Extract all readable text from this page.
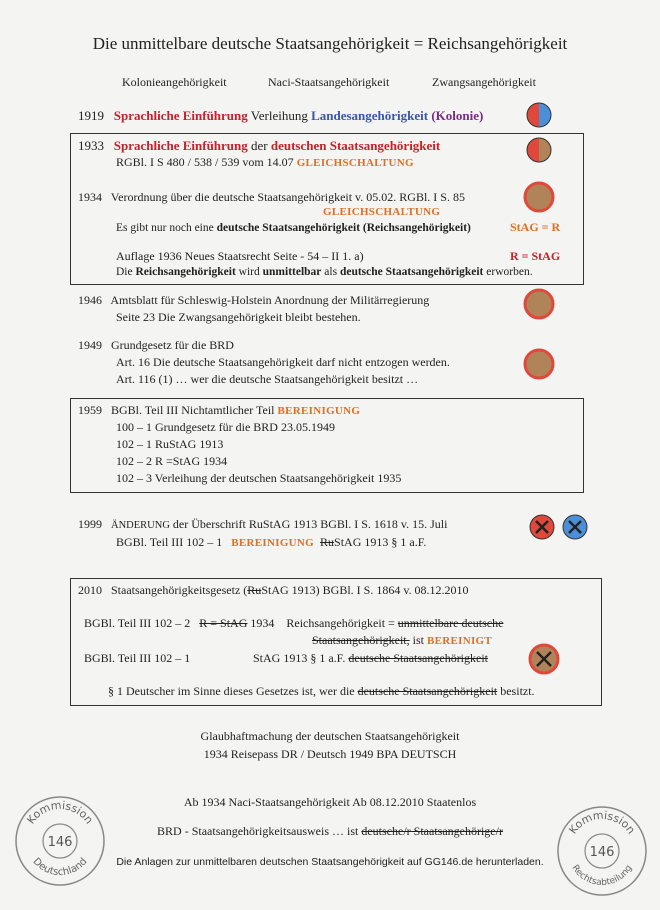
Die unmittelbare deutsche Staatsangehörigkeit = Reichsangehörigkeit
Kolonieangehörigkeit	Naci-Staatsangehörigkeit	Zwangsangehörigkeit
1919 Sprachliche Einführung Verleihung Landesangehörigkeit (Kolonie)
1933 Sprachliche Einführung der deutschen Staatsangehörigkeit
RGBl. I S 480 / 538 / 539 vom 14.07 GLEICHSCHALTUNG
1934 Verordnung über die deutsche Staatsangehörigkeit v. 05.02. RGBl. I S. 85
GLEICHSCHALTUNG
Es gibt nur noch eine deutsche Staatsangehörigkeit (Reichsangehörigkeit)	StAG = R
Auflage 1936 Neues Staatsrecht Seite - 54 – II 1. a)	R = StAG
Die Reichsangehörigkeit wird unmittelbar als deutsche Staatsangehörigkeit erworben.
1946 Amtsblatt für Schleswig-Holstein Anordnung der Militärregierung
Seite 23 Die Zwangsangehörigkeit bleibt bestehen.
1949 Grundgesetz für die BRD
Art. 16 Die deutsche Staatsangehörigkeit darf nicht entzogen werden.
Art. 116 (1) … wer die deutsche Staatsangehörigkeit besitzt …
1959 BGBl. Teil III Nichtamtlicher Teil BEREINIGUNG
100 – 1 Grundgesetz für die BRD 23.05.1949
102 – 1 RuStAG 1913
102 – 2 R =StAG 1934
102 – 3 Verleihung der deutschen Staatsangehörigkeit 1935
1999 ÄNDERUNG der Überschrift RuStAG 1913 BGBl. I S. 1618 v. 15. Juli
BGBl. Teil III 102 – 1 BEREINIGUNG RuStAG 1913 § 1 a.F.
2010 Staatsangehörigkeitsgesetz (RuStAG 1913) BGBl. I S. 1864 v. 08.12.2010
BGBl. Teil III 102 – 2 R = StAG 1934 Reichsangehörigkeit = unmittelbare deutsche
Staatsangehörigkeit, ist BEREINIGT
BGBl. Teil III 102 – 1	StAG 1913 § 1 a.F. deutsche Staatsangehörigkeit
§ 1 Deutscher im Sinne dieses Gesetzes ist, wer die deutsche Staatsangehörigkeit besitzt.
Glaubhaftmachung der deutschen Staatsangehörigkeit
1934 Reisepass DR / Deutsch 1949 BPA DEUTSCH
Ab 1934 Naci-Staatsangehörigkeit Ab 08.12.2010 Staatenlos
BRD - Staatsangehörigkeitsausweis … ist deutsche/r Staatsangehörige/r
Die Anlagen zur unmittelbaren deutschen Staatsangehörigkeit auf GG146.de herunterladen.
Kommission
146
Deutschland
Kommission
146
Rechtsabteilung
